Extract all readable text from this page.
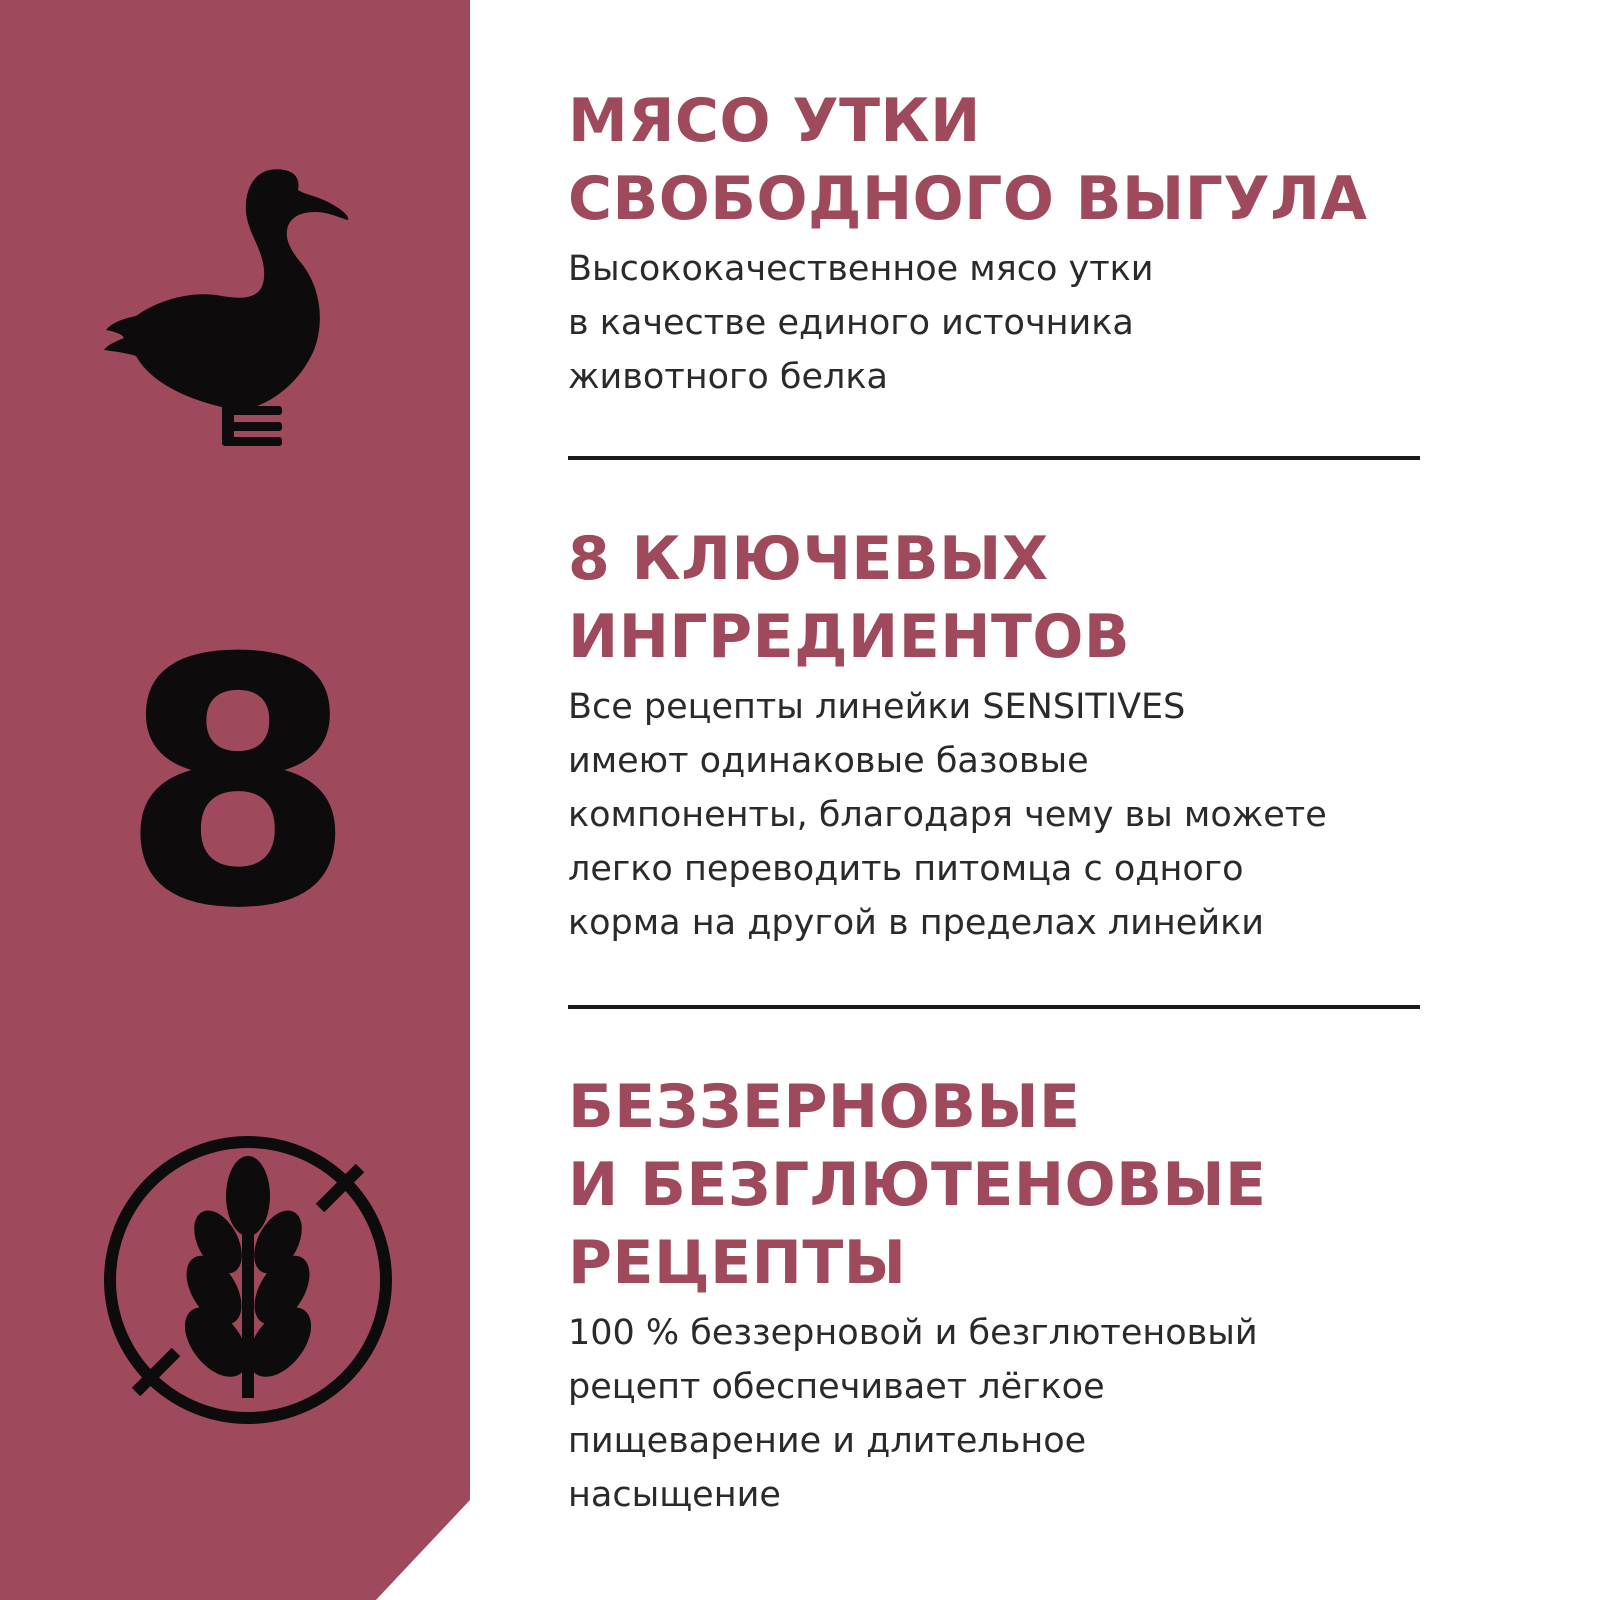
8
МЯСО УТКИ
СВОБОДНОГО ВЫГУЛА

Высококачественное мясо утки
в качестве единого источника
животного белка

8 КЛЮЧЕВЫХ
ИНГРЕДИЕНТОВ

Все рецепты линейки SENSITIVES
имеют одинаковые базовые
компоненты, благодаря чему вы можете
легко переводить питомца с одного
корма на другой в пределах линейки

БЕЗЗЕРНОВЫЕ
И БЕЗГЛЮТЕНОВЫЕ
РЕЦЕПТЫ

100 % беззерновой и безглютеновый
рецепт обеспечивает лёгкое
пищеварение и длительное
насыщение
